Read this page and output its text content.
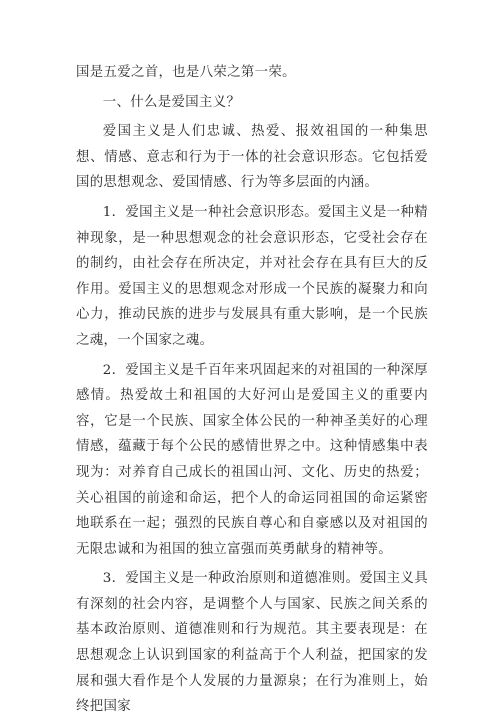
国是五爱之首，也是八荣之第一荣。

一、什么是爱国主义？

爱国主义是人们忠诚、热爱、报效祖国的一种集思想、情感、意志和行为于一体的社会意识形态。它包括爱国的思想观念、爱国情感、行为等多层面的内涵。

1．爱国主义是一种社会意识形态。爱国主义是一种精神现象，是一种思想观念的社会意识形态，它受社会存在的制约，由社会存在所决定，并对社会存在具有巨大的反作用。爱国主义的思想观念对形成一个民族的凝聚力和向心力，推动民族的进步与发展具有重大影响，是一个民族之魂，一个国家之魂。

2．爱国主义是千百年来巩固起来的对祖国的一种深厚感情。热爱故土和祖国的大好河山是爱国主义的重要内容，它是一个民族、国家全体公民的一种神圣美好的心理情感，蕴藏于每个公民的感情世界之中。这种情感集中表现为：对养育自己成长的祖国山河、文化、历史的热爱；关心祖国的前途和命运，把个人的命运同祖国的命运紧密地联系在一起；强烈的民族自尊心和自豪感以及对祖国的无限忠诚和为祖国的独立富强而英勇献身的精神等。

3．爱国主义是一种政治原则和道德准则。爱国主义具有深刻的社会内容，是调整个人与国家、民族之间关系的基本政治原则、道德准则和行为规范。其主要表现是：在思想观念上认识到国家的利益高于个人利益，把国家的发展和强大看作是个人发展的力量源泉；在行为准则上，始终把国家
